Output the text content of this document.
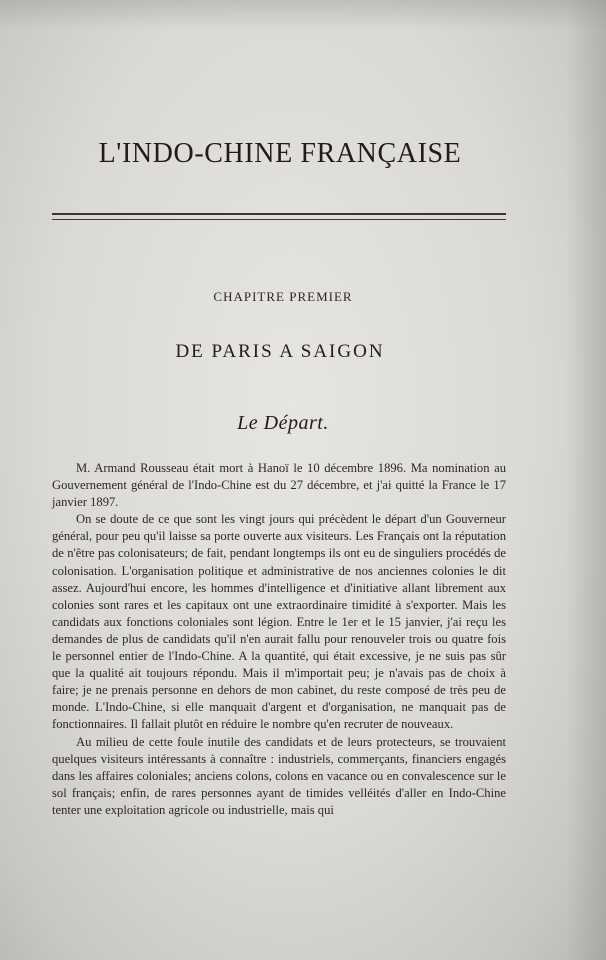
L'INDO-CHINE FRANÇAISE
CHAPITRE PREMIER
DE PARIS A SAIGON
Le Départ.

M. Armand Rousseau était mort à Hanoï le 10 décembre 1896. Ma nomination au Gouvernement général de l'Indo-Chine est du 27 décembre, et j'ai quitté la France le 17 janvier 1897.

On se doute de ce que sont les vingt jours qui précèdent le départ d'un Gouverneur général, pour peu qu'il laisse sa porte ouverte aux visiteurs. Les Français ont la réputation de n'être pas colonisateurs; de fait, pendant longtemps ils ont eu de singuliers procédés de colonisation. L'organisation politique et administrative de nos anciennes colonies le dit assez. Aujourd'hui encore, les hommes d'intelligence et d'initiative allant librement aux colonies sont rares et les capitaux ont une extraordinaire timidité à s'exporter. Mais les candidats aux fonctions coloniales sont légion. Entre le 1er et le 15 janvier, j'ai reçu les demandes de plus de candidats qu'il n'en aurait fallu pour renouveler trois ou quatre fois le personnel entier de l'Indo-Chine. A la quantité, qui était excessive, je ne suis pas sûr que la qualité ait toujours répondu. Mais il m'importait peu; je n'avais pas de choix à faire; je ne prenais personne en dehors de mon cabinet, du reste composé de très peu de monde. L'Indo-Chine, si elle manquait d'argent et d'organisation, ne manquait pas de fonctionnaires. Il fallait plutôt en réduire le nombre qu'en recruter de nouveaux.

Au milieu de cette foule inutile des candidats et de leurs protecteurs, se trouvaient quelques visiteurs intéressants à connaître : industriels, commerçants, financiers engagés dans les affaires coloniales; anciens colons, colons en vacance ou en convalescence sur le sol français; enfin, de rares personnes ayant de timides velléités d'aller en Indo-Chine tenter une exploitation agricole ou industrielle, mais qui
